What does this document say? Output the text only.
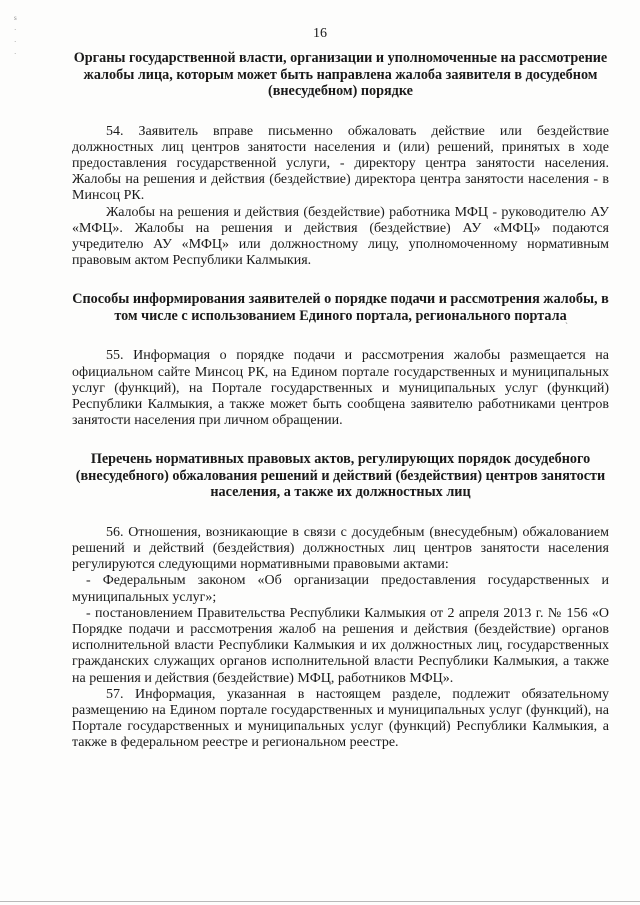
s
·
·
·
16
Органы государственной власти, организации и уполномоченные на рассмотрение жалобы лица, которым может быть направлена жалоба заявителя в досудебном (внесудебном) порядке

54. Заявитель вправе письменно обжаловать действие или бездействие должностных лиц центров занятости населения и (или) решений, принятых в ходе предоставления государственной услуги, - директору центра занятости населения. Жалобы на решения и действия (бездействие) директора центра занятости населения - в Минсоц РК.

Жалобы на решения и действия (бездействие) работника МФЦ - руководителю АУ «МФЦ». Жалобы на решения и действия (бездействие) АУ «МФЦ» подаются учредителю АУ «МФЦ» или должностному лицу, уполномоченному нормативным правовым актом Республики Калмыкия.

Способы информирования заявителей о порядке подачи и рассмотрения жалобы, в том числе с использованием Единого портала, регионального портала

55. Информация о порядке подачи и рассмотрения жалобы размещается на официальном сайте Минсоц РК, на Едином портале государственных и муниципальных услуг (функций), на Портале государственных и муниципальных услуг (функций) Республики Калмыкия, а также может быть сообщена заявителю работниками центров занятости населения при личном обращении.

Перечень нормативных правовых актов, регулирующих порядок досудебного (внесудебного) обжалования решений и действий (бездействия) центров занятости населения, а также их должностных лиц

56. Отношения, возникающие в связи с досудебным (внесудебным) обжалованием решений и действий (бездействия) должностных лиц центров занятости населения регулируются следующими нормативными правовыми актами:

- Федеральным законом «Об организации предоставления государственных и муниципальных услуг»;

- постановлением Правительства Республики Калмыкия от 2 апреля 2013 г. № 156 «О Порядке подачи и рассмотрения жалоб на решения и действия (бездействие) органов исполнительной власти Республики Калмыкия и их должностных лиц, государственных гражданских служащих органов исполнительной власти Республики Калмыкия, а также на решения и действия (бездействие) МФЦ, работников МФЦ».

57. Информация, указанная в настоящем разделе, подлежит обязательному размещению на Едином портале государственных и муниципальных услуг (функций), на Портале государственных и муниципальных услуг (функций) Республики Калмыкия, а также в федеральном реестре и региональном реестре.

`
